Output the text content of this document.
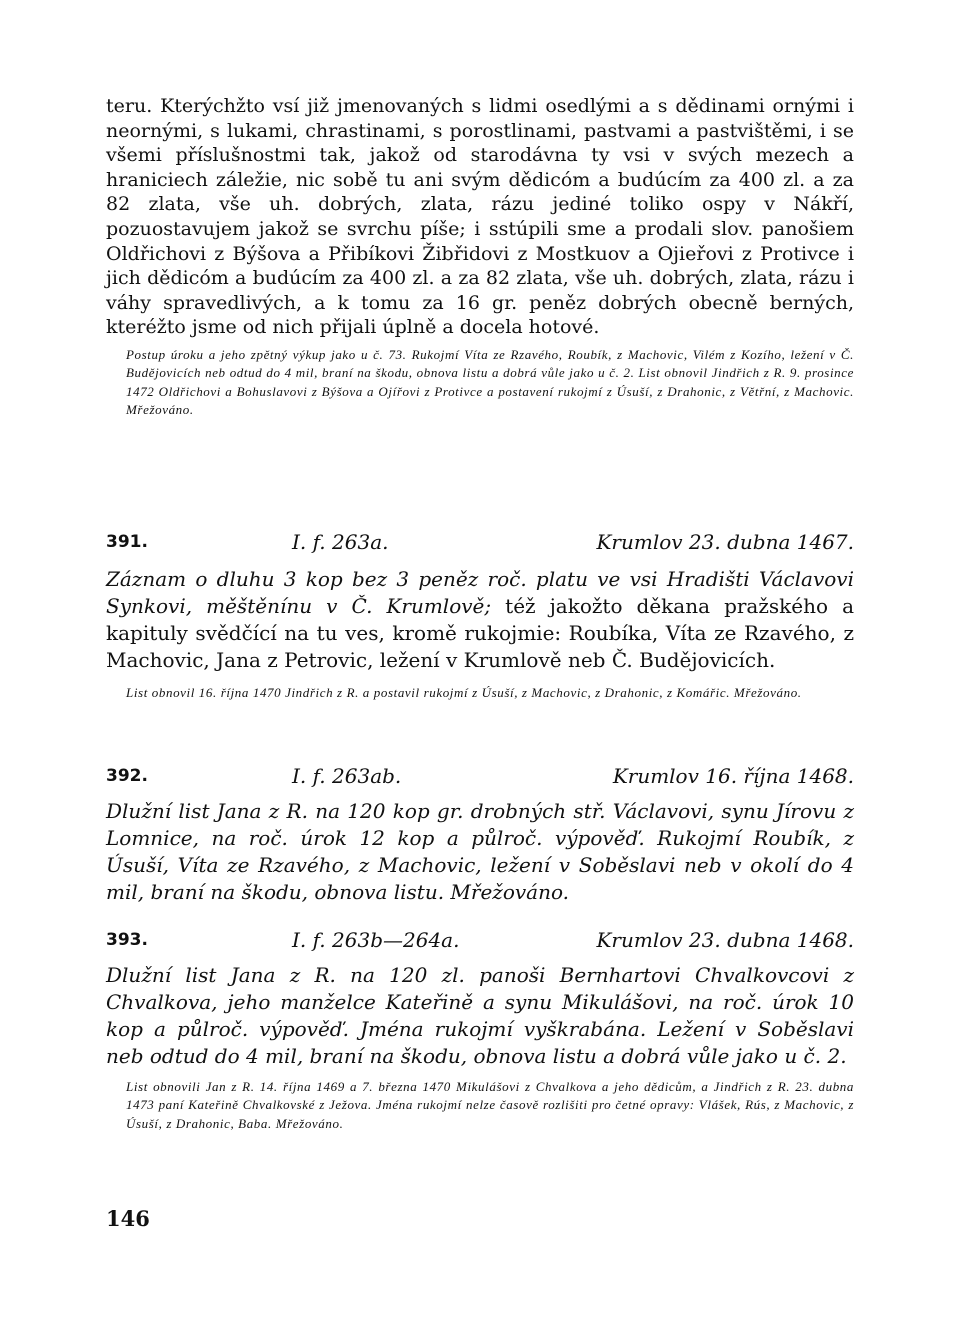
teru. Kterýchžto vsí již jmenovaných s lidmi osedlými a s dědinami ornými i neornými, s lukami, chrastinami, s porostlinami, pastvami a pastvištěmi, i se všemi příslušnostmi tak, jakož od starodávna ty vsi v svých mezech a hraniciech záležie, nic sobě tu ani svým dědicóm a budúcím za 400 zl. a za 82 zlata, vše uh. dobrých, zlata, rázu jediné toliko ospy v Nákří, pozuostavujem jakož se svrchu píše; i sstúpili sme a prodali slov. panošiem Oldřichovi z Býšova a Přibíkovi Žibřidovi z Mostkuov a Ojieřovi z Protivce i jich dědicóm a budúcím za 400 zl. a za 82 zlata, vše uh. dobrých, zlata, rázu i váhy spravedlivých, a k tomu za 16 gr. peněz dobrých obecně berných, kteréžto jsme od nich přijali úplně a docela hotové.

Postup úroku a jeho zpětný výkup jako u č. 73. Rukojmí Víta ze Rzavého, Roubík, z Machovic, Vilém z Kozího, ležení v Č. Budějovicích neb odtud do 4 mil, braní na škodu, obnova listu a dobrá vůle jako u č. 2. List obnovil Jindřich z R. 9. prosince 1472 Oldřichovi a Bohuslavovi z Býšova a Ojířovi z Protivce a postavení rukojmí z Úsuší, z Drahonic, z Větřní, z Machovic. Mřežováno.

391.	I. f. 263a.	Krumlov 23. dubna 1467.

Záznam o dluhu 3 kop bez 3 peněz roč. platu ve vsi Hradišti Václavovi Synkovi, měštěnínu v Č. Krumlově; též jakožto děkana pražského a kapituly svědčící na tu ves, kromě rukojmie: Roubíka, Víta ze Rzavého, z Machovic, Jana z Petrovic, ležení v Krumlově neb Č. Budějovicích.

List obnovil 16. října 1470 Jindřich z R. a postavil rukojmí z Úsuší, z Machovic, z Drahonic, z Komářic. Mřežováno.

392.	I. f. 263ab.	Krumlov 16. října 1468.

Dlužní list Jana z R. na 120 kop gr. drobných stř. Václavovi, synu Jírovu z Lomnice, na roč. úrok 12 kop a půlroč. výpověď. Rukojmí Roubík, z Úsuší, Víta ze Rzavého, z Machovic, ležení v Soběslavi neb v okolí do 4 mil, braní na škodu, obnova listu. Mřežováno.

393.	I. f. 263b—264a.	Krumlov 23. dubna 1468.

Dlužní list Jana z R. na 120 zl. panoši Bernhartovi Chvalkovcovi z Chvalkova, jeho manželce Kateřině a synu Mikulášovi, na roč. úrok 10 kop a půlroč. výpověď. Jména rukojmí vyškrabána. Ležení v Soběslavi neb odtud do 4 mil, braní na škodu, obnova listu a dobrá vůle jako u č. 2.

List obnovili Jan z R. 14. října 1469 a 7. března 1470 Mikulášovi z Chvalkova a jeho dědicům, a Jindřich z R. 23. dubna 1473 paní Kateřině Chvalkovské z Ježova. Jména rukojmí nelze časově rozlišiti pro četné opravy: Vlášek, Rús, z Machovic, z Úsuší, z Drahonic, Baba. Mřežováno.

146
